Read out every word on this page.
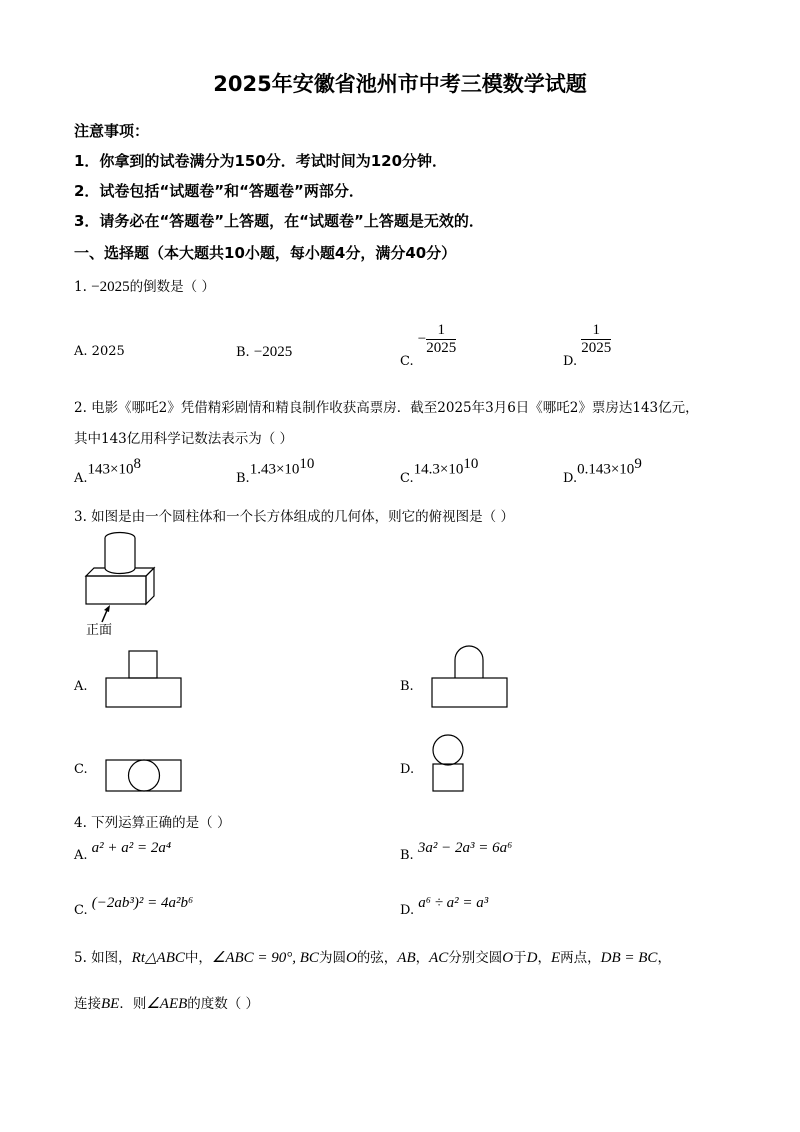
2025年安徽省池州市中考三模数学试题
注意事项：
1．你拿到的试卷满分为150分．考试时间为120分钟．
2．试卷包括“试题卷”和“答题卷”两部分．
3．请务必在“答题卷”上答题，在“试题卷”上答题是无效的．
一、选择题（本大题共10小题，每小题4分，满分40分）
1. −2025的倒数是（ ）
A. 2025	B. −2025
C. − $\frac{1}{2025}$
D.
$\frac{1}{2025}$
2. 电影《哪吒2》凭借精彩剧情和精良制作收获高票房．截至2025年3月6日《哪吒2》票房达143亿元，
其中143亿用科学记数法表示为（ ）
$A.143\times 10^8$
$B.1.43\times 10^{10}$
$C.14.3\times 10^{10}$
$D.0.143\times 10^9$
3. 如图是由一个圆柱体和一个长方体组成的几何体，则它的俯视图是（ ）
正面
A.	B.
C.	D.
4. 下列运算正确的是（ ）
A. a² + a² = 2a⁴	B. 3a² − 2a³ = 6a⁶
C. (−2ab³)² = 4a²b⁶	D. a⁶ ÷ a² = a³
5. 如图，Rt△ABC中，∠ABC = 90°, BC为圆O的弦，AB，AC分别交圆O于D，E两点，DB = BC，
连接BE．则∠AEB的度数（ ）
